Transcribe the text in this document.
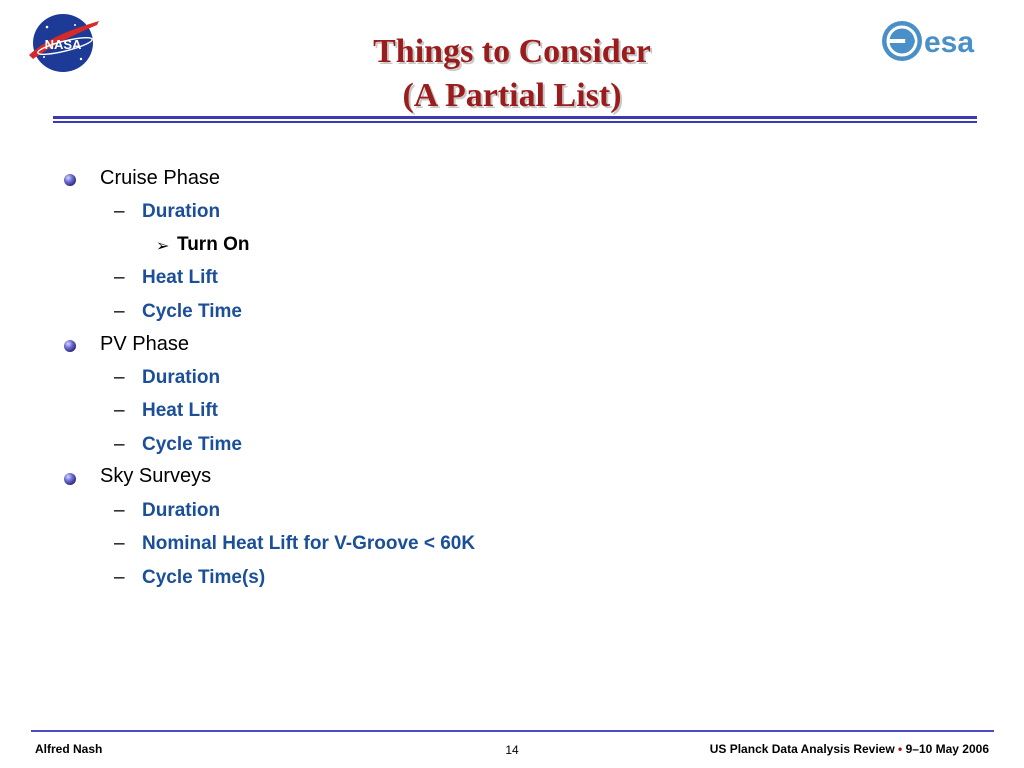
NASA	esa
Things to Consider
(A Partial List)
Cruise Phase
– Duration
➢ Turn On
– Heat Lift
– Cycle Time
PV Phase
– Duration
– Heat Lift
– Cycle Time
Sky Surveys
– Duration
– Nominal Heat Lift for V-Groove < 60K
– Cycle Time(s)
Alfred Nash	14	US Planck Data Analysis Review • 9–10 May 2006
